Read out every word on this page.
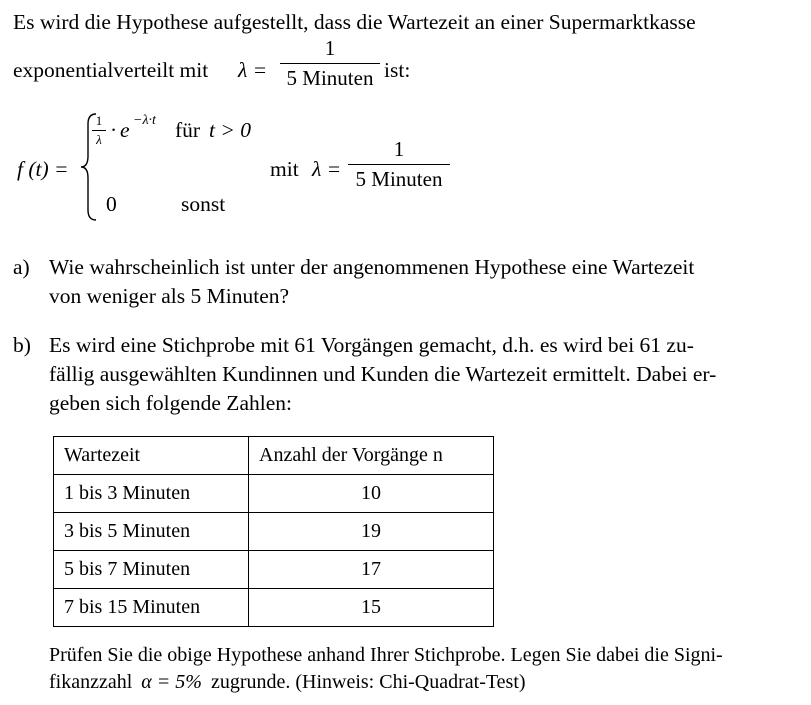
Es wird die Hypothese aufgestellt, dass die Wartezeit an einer Supermarktkasse
exponentialverteilt mit λ =
1
5 Minuten ist:
f (t) =
1
λ · e −λ·t für t > 0
0	sonst
mit λ =
1
5 Minuten
a) Wie wahrscheinlich ist unter der angenommenen Hypothese eine Wartezeit
von weniger als 5 Minuten?
b) Es wird eine Stichprobe mit 61 Vorgängen gemacht, d.h. es wird bei 61 zu-
fällig ausgewählten Kundinnen und Kunden die Wartezeit ermittelt. Dabei er-
geben sich folgende Zahlen:
Wartezeit	Anzahl der Vorgänge n
1 bis 3 Minuten	10
3 bis 5 Minuten	19
5 bis 7 Minuten	17
7 bis 15 Minuten	15
Prüfen Sie die obige Hypothese anhand Ihrer Stichprobe. Legen Sie dabei die Signi-
fikanzzahl α = 5% zugrunde. (Hinweis: Chi-Quadrat-Test)
